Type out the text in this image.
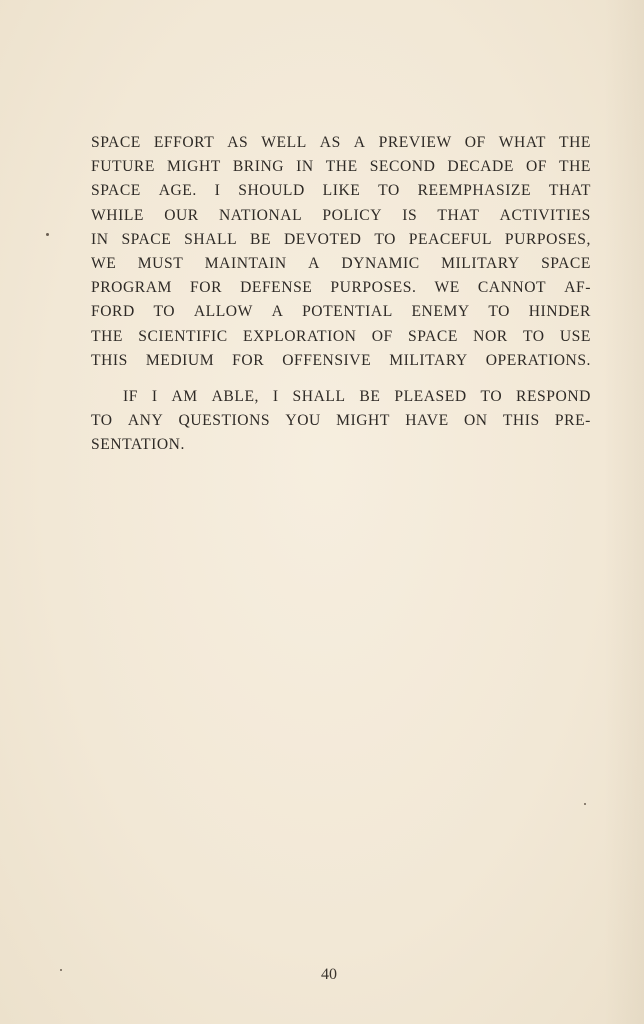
SPACE EFFORT AS WELL AS A PREVIEW OF WHAT THE
FUTURE MIGHT BRING IN THE SECOND DECADE OF THE
SPACE AGE. I SHOULD LIKE TO REEMPHASIZE THAT
WHILE OUR NATIONAL POLICY IS THAT ACTIVITIES
IN SPACE SHALL BE DEVOTED TO PEACEFUL PURPOSES,
WE MUST MAINTAIN A DYNAMIC MILITARY SPACE
PROGRAM FOR DEFENSE PURPOSES. WE CANNOT AF-
FORD TO ALLOW A POTENTIAL ENEMY TO HINDER
THE SCIENTIFIC EXPLORATION OF SPACE NOR TO USE
THIS MEDIUM FOR OFFENSIVE MILITARY OPERATIONS.
IF I AM ABLE, I SHALL BE PLEASED TO RESPOND
TO ANY QUESTIONS YOU MIGHT HAVE ON THIS PRE-
SENTATION.
40
